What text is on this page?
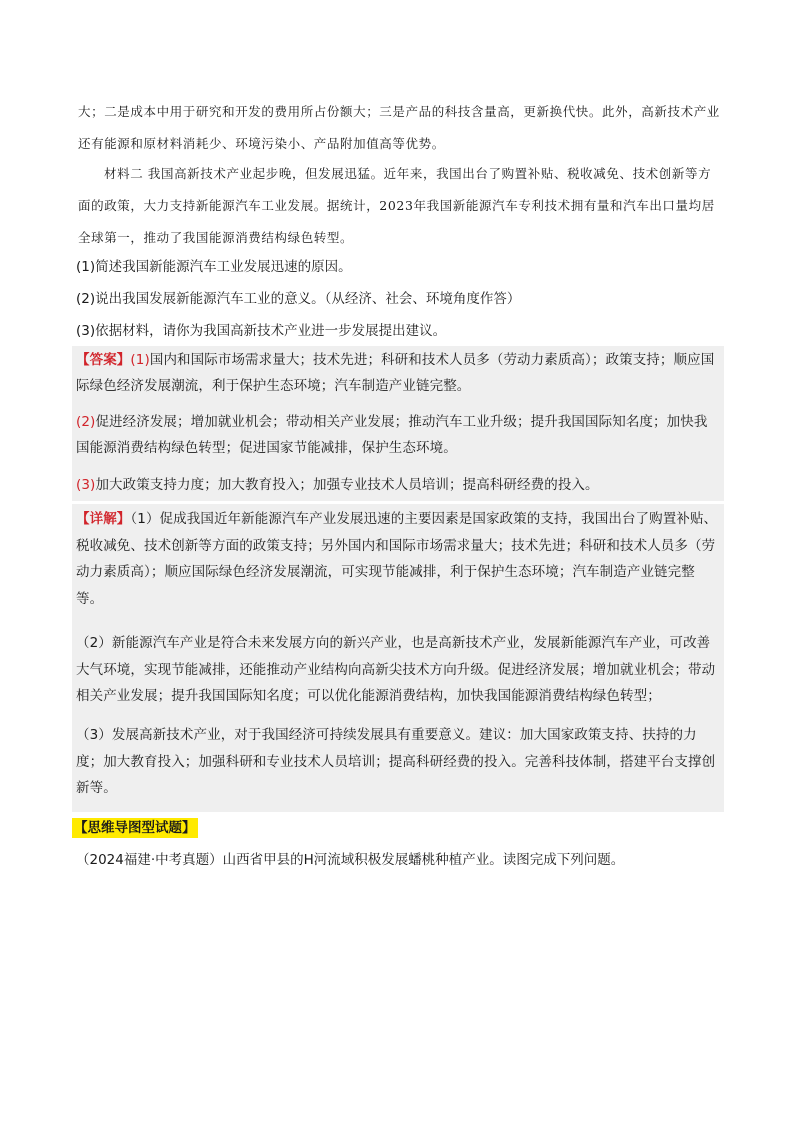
大；二是成本中用于研究和开发的费用所占份额大；三是产品的科技含量高，更新换代快。此外，高新技术产业还有能源和原材料消耗少、环境污染小、产品附加值高等优势。

材料二 我国高新技术产业起步晚，但发展迅猛。近年来，我国出台了购置补贴、税收减免、技术创新等方面的政策，大力支持新能源汽车工业发展。据统计，2023年我国新能源汽车专利技术拥有量和汽车出口量均居全球第一，推动了我国能源消费结构绿色转型。

(1)简述我国新能源汽车工业发展迅速的原因。

(2)说出我国发展新能源汽车工业的意义。（从经济、社会、环境角度作答）

(3)依据材料，请你为我国高新技术产业进一步发展提出建议。

【答案】(1)国内和国际市场需求量大；技术先进；科研和技术人员多（劳动力素质高）；政策支持；顺应国际绿色经济发展潮流，利于保护生态环境；汽车制造产业链完整。

(2)促进经济发展；增加就业机会；带动相关产业发展；推动汽车工业升级；提升我国国际知名度；加快我国能源消费结构绿色转型；促进国家节能减排，保护生态环境。

(3)加大政策支持力度；加大教育投入；加强专业技术人员培训；提高科研经费的投入。

【详解】（1）促成我国近年新能源汽车产业发展迅速的主要因素是国家政策的支持，我国出台了购置补贴、税收减免、技术创新等方面的政策支持；另外国内和国际市场需求量大；技术先进；科研和技术人员多（劳动力素质高）；顺应国际绿色经济发展潮流，可实现节能减排，利于保护生态环境；汽车制造产业链完整等。

（2）新能源汽车产业是符合未来发展方向的新兴产业，也是高新技术产业，发展新能源汽车产业，可改善大气环境，实现节能减排，还能推动产业结构向高新尖技术方向升级。促进经济发展；增加就业机会；带动相关产业发展；提升我国国际知名度；可以优化能源消费结构，加快我国能源消费结构绿色转型；

（3）发展高新技术产业，对于我国经济可持续发展具有重要意义。建议：加大国家政策支持、扶持的力度；加大教育投入；加强科研和专业技术人员培训；提高科研经费的投入。完善科技体制，搭建平台支撑创新等。

【思维导图型试题】

（2024福建·中考真题）山西省甲县的H河流域积极发展蟠桃种植产业。读图完成下列问题。
